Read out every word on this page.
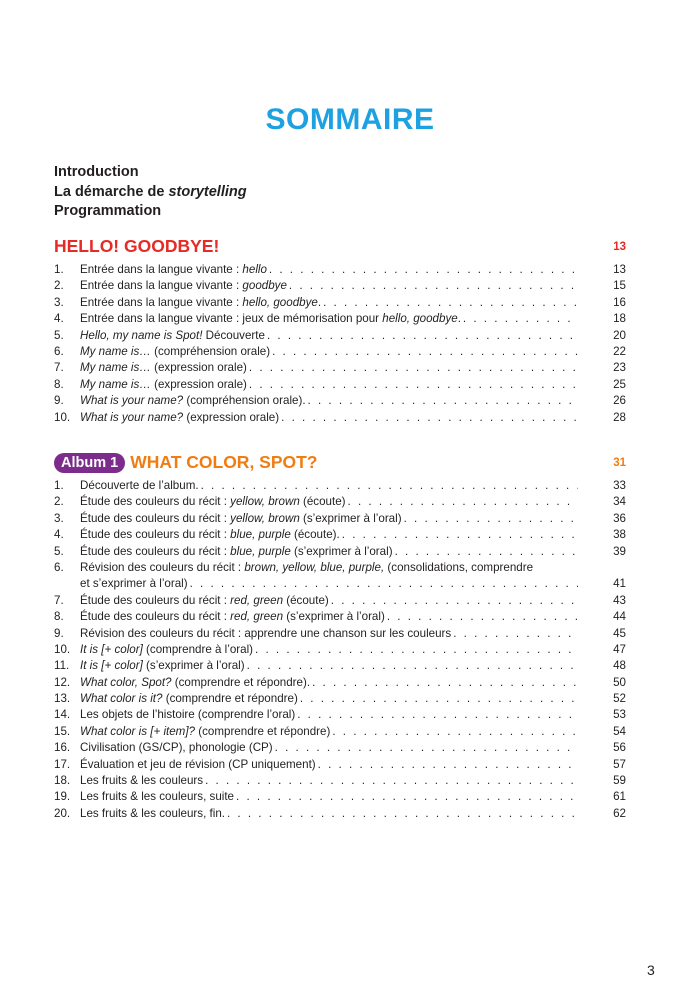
SOMMAIRE
Introduction
La démarche de storytelling
Programmation
HELLO! GOODBYE!	13
1.	Entrée dans la langue vivante : hello . . .	13
2.	Entrée dans la langue vivante : goodbye . . .	15
3.	Entrée dans la langue vivante : hello, goodbye. . . .	16
4.	Entrée dans la langue vivante : jeux de mémorisation pour hello, goodbye. . . .	18
5.	Hello, my name is Spot! Découverte . . .	20
6.	My name is… (compréhension orale) . . .	22
7.	My name is… (expression orale) . . .	23
8.	My name is… (expression orale) . . .	25
9.	What is your name? (compréhension orale). . . .	26
10. What is your name? (expression orale) . . .	28
Album 1 WHAT COLOR, SPOT?	31
1.	Découverte de l’album. . . .	33
2.	Étude des couleurs du récit : yellow, brown (écoute) . . .	34
3.	Étude des couleurs du récit : yellow, brown (s’exprimer à l’oral) . . .	36
4.	Étude des couleurs du récit : blue, purple (écoute). . . .	38
5.	Étude des couleurs du récit : blue, purple (s’exprimer à l’oral) . . .	39
6.	Révision des couleurs du récit : brown, yellow, blue, purple, (consolidations, comprendre
et s’exprimer à l’oral) . . .	41
7.	Étude des couleurs du récit : red, green (écoute) . . .	43
8.	Étude des couleurs du récit : red, green (s’exprimer à l’oral) . . .	44
9.	Révision des couleurs du récit : apprendre une chanson sur les couleurs . . .	45
10. It is [+ color] (comprendre à l’oral) . . .	47
11. It is [+ color] (s’exprimer à l’oral) . . .	48
12. What color, Spot? (comprendre et répondre). . . .	50
13. What color is it? (comprendre et répondre) . . .	52
14. Les objets de l’histoire (comprendre l’oral) . . .	53
15. What color is [+ item]? (comprendre et répondre) . . .	54
16. Civilisation (GS/CP), phonologie (CP) . . .	56
17. Évaluation et jeu de révision (CP uniquement) . . .	57
18. Les fruits & les couleurs . . .	59
19. Les fruits & les couleurs, suite . . .	61
20. Les fruits & les couleurs, fin. . . .	62
3
